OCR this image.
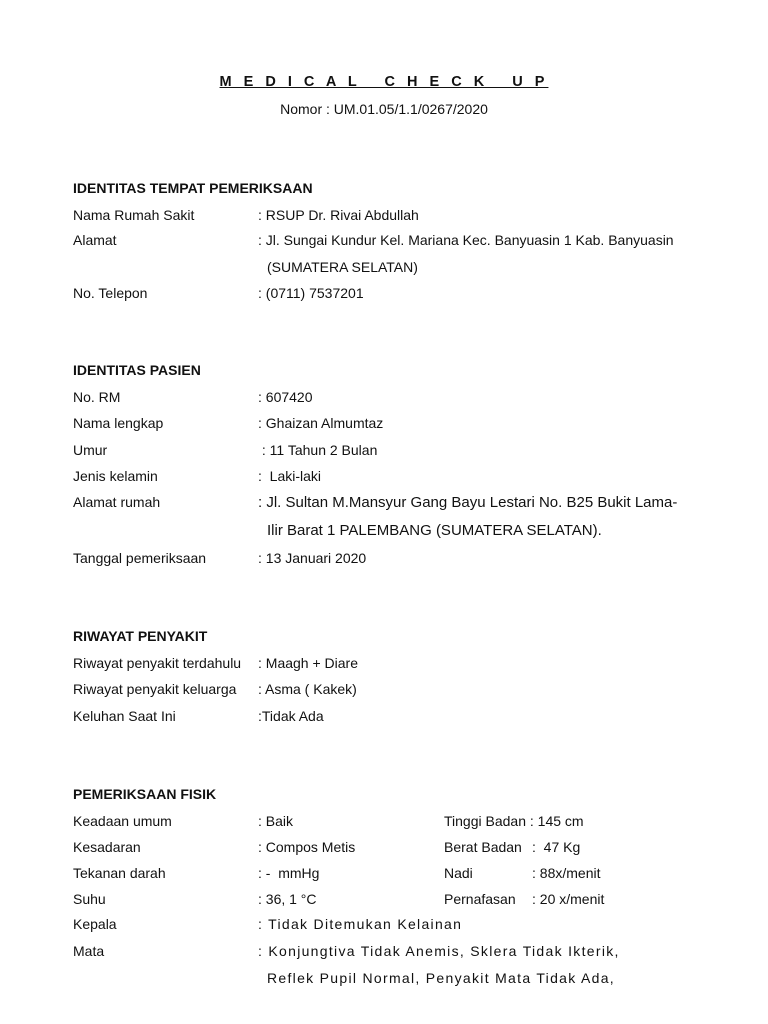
M E D I C A L   C H E C K   U P
Nomor : UM.01.05/1.1/0267/2020
IDENTITAS TEMPAT PEMERIKSAAN
Nama Rumah Sakit	: RSUP Dr. Rivai Abdullah
Alamat	: Jl. Sungai Kundur Kel. Mariana Kec. Banyuasin 1 Kab. Banyuasin
(SUMATERA SELATAN)
No. Telepon	: (0711) 7537201
IDENTITAS PASIEN
No. RM	: 607420
Nama lengkap	: Ghaizan Almumtaz
Umur	: 11 Tahun 2 Bulan
Jenis kelamin	:  Laki-laki
Alamat rumah	: Jl. Sultan M.Mansyur Gang Bayu Lestari No. B25 Bukit Lama-
Ilir Barat 1 PALEMBANG (SUMATERA SELATAN).
Tanggal pemeriksaan	: 13 Januari 2020
RIWAYAT PENYAKIT
Riwayat penyakit terdahulu : Maagh + Diare
Riwayat penyakit keluarga : Asma ( Kakek)
Keluhan Saat Ini	:Tidak Ada
PEMERIKSAAN FISIK
Keadaan umum	: Baik	Tinggi Badan : 145 cm
Kesadaran	: Compos Metis	Berat Badan :  47 Kg
Tekanan darah	: -  mmHg	Nadi	: 88x/menit
Suhu	: 36, 1 °C	Pernafasan : 20 x/menit
Kepala	: Tidak Ditemukan Kelainan
Mata	: Konjungtiva Tidak Anemis, Sklera Tidak Ikterik,
Reflek Pupil Normal, Penyakit Mata Tidak Ada,
